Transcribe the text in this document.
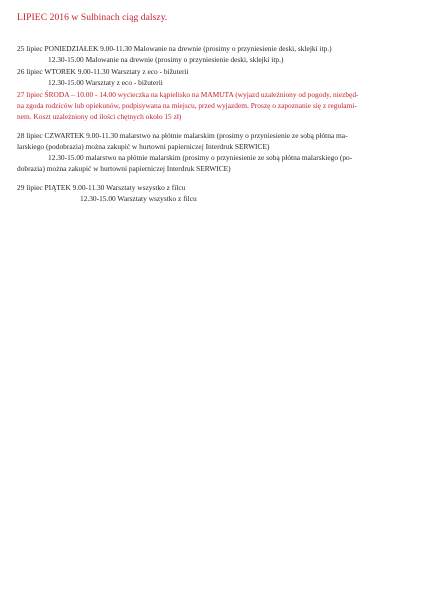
LIPIEC 2016 w Sulbinach ciąg dalszy.
25 lipiec PONIEDZIAŁEK 9.00-11.30 Malowanie na drewnie (prosimy o przyniesienie deski, sklejki itp.)
12.30-15.00 Malowanie na drewnie (prosimy o przyniesienie deski, sklejki itp.)
26 lipiec WTOREK 9.00-11.30 Warsztaty z eco - bižuterii
12.30-15.00 Warsztaty z eco - bižuterii
27 lipiec ŚRODA – 10.00 - 14.00 wycieczka na kąpielisko na MAMUTA (wyjazd uzależniony od pogody, niezbęd-
na zgoda rodziców lub opiekunów, podpisywana na miejscu, przed wyjazdem. Proszę o zapoznanie się z regulami-
nem. Koszt uzależniony od ilości chętnych około 15 zł)
28 lipiec CZWARTEK 9.00-11.30 malarstwo na płótnie malarskim (prosimy o przyniesienie ze sobą płótna ma-
larskiego (podobrazia) można zakupić w hurtowni papierniczej Interdruk SERWICE)
12.30-15.00 malarstwo na płótnie malarskim (prosimy o przyniesienie ze sobą płótna malarskiego (po-
dobrazia) można zakupić w hurtowni papierniczej Interdruk SERWICE)
29 lipiec PIĄTEK 9.00-11.30 Warsztaty wszystko z filcu
12.30-15.00 Warsztaty wszystko z filcu
